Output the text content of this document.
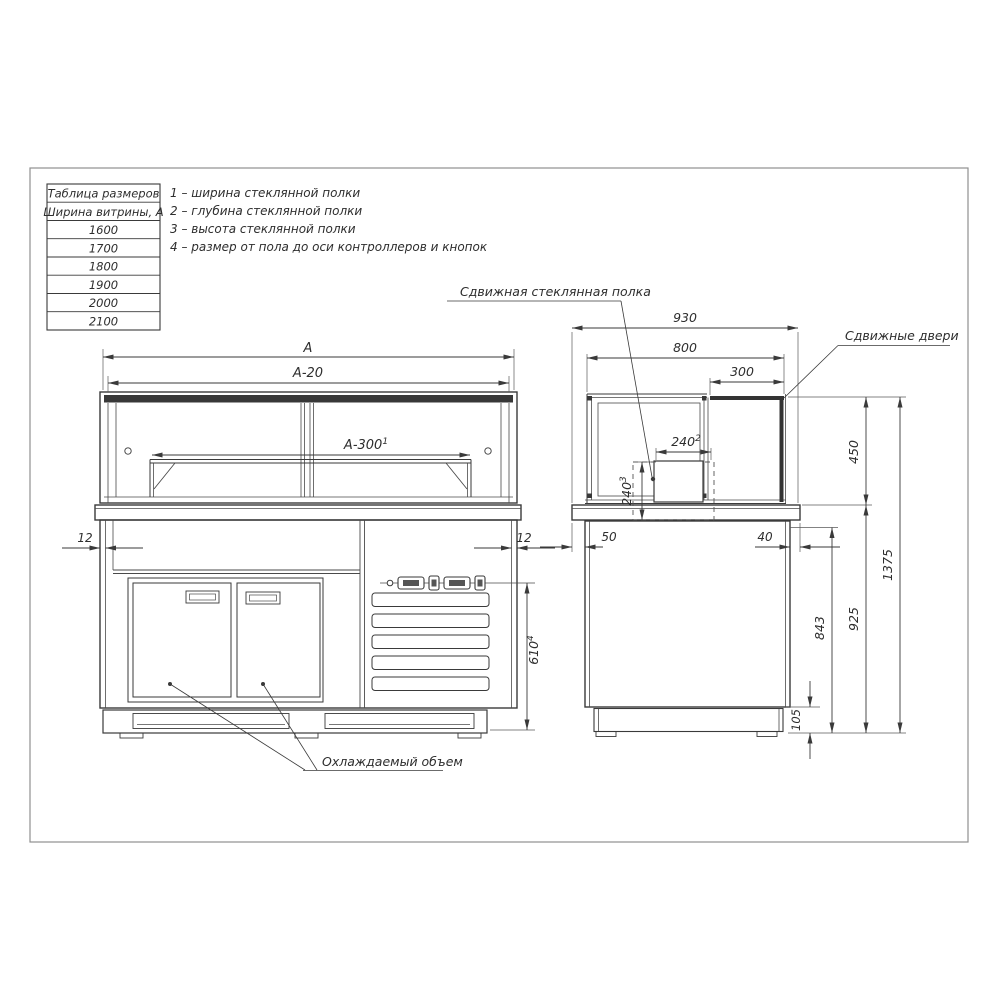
Таблица размеров
Ширина витрины, А
1600
1700
1800
1900
2000
2100
1 – ширина стеклянной полки
2 – глубина стеклянной полки
3 – высота стеклянной полки
4 – размер от пола до оси контроллеров и кнопок
А
А-20
$А-300^1$
12	12
$610^4$
Охлаждаемый объем
$240^2$
$240^3$
930
800
300
50	40
450
925
1375
843
105
Сдвижная стеклянная полка
Сдвижные двери
